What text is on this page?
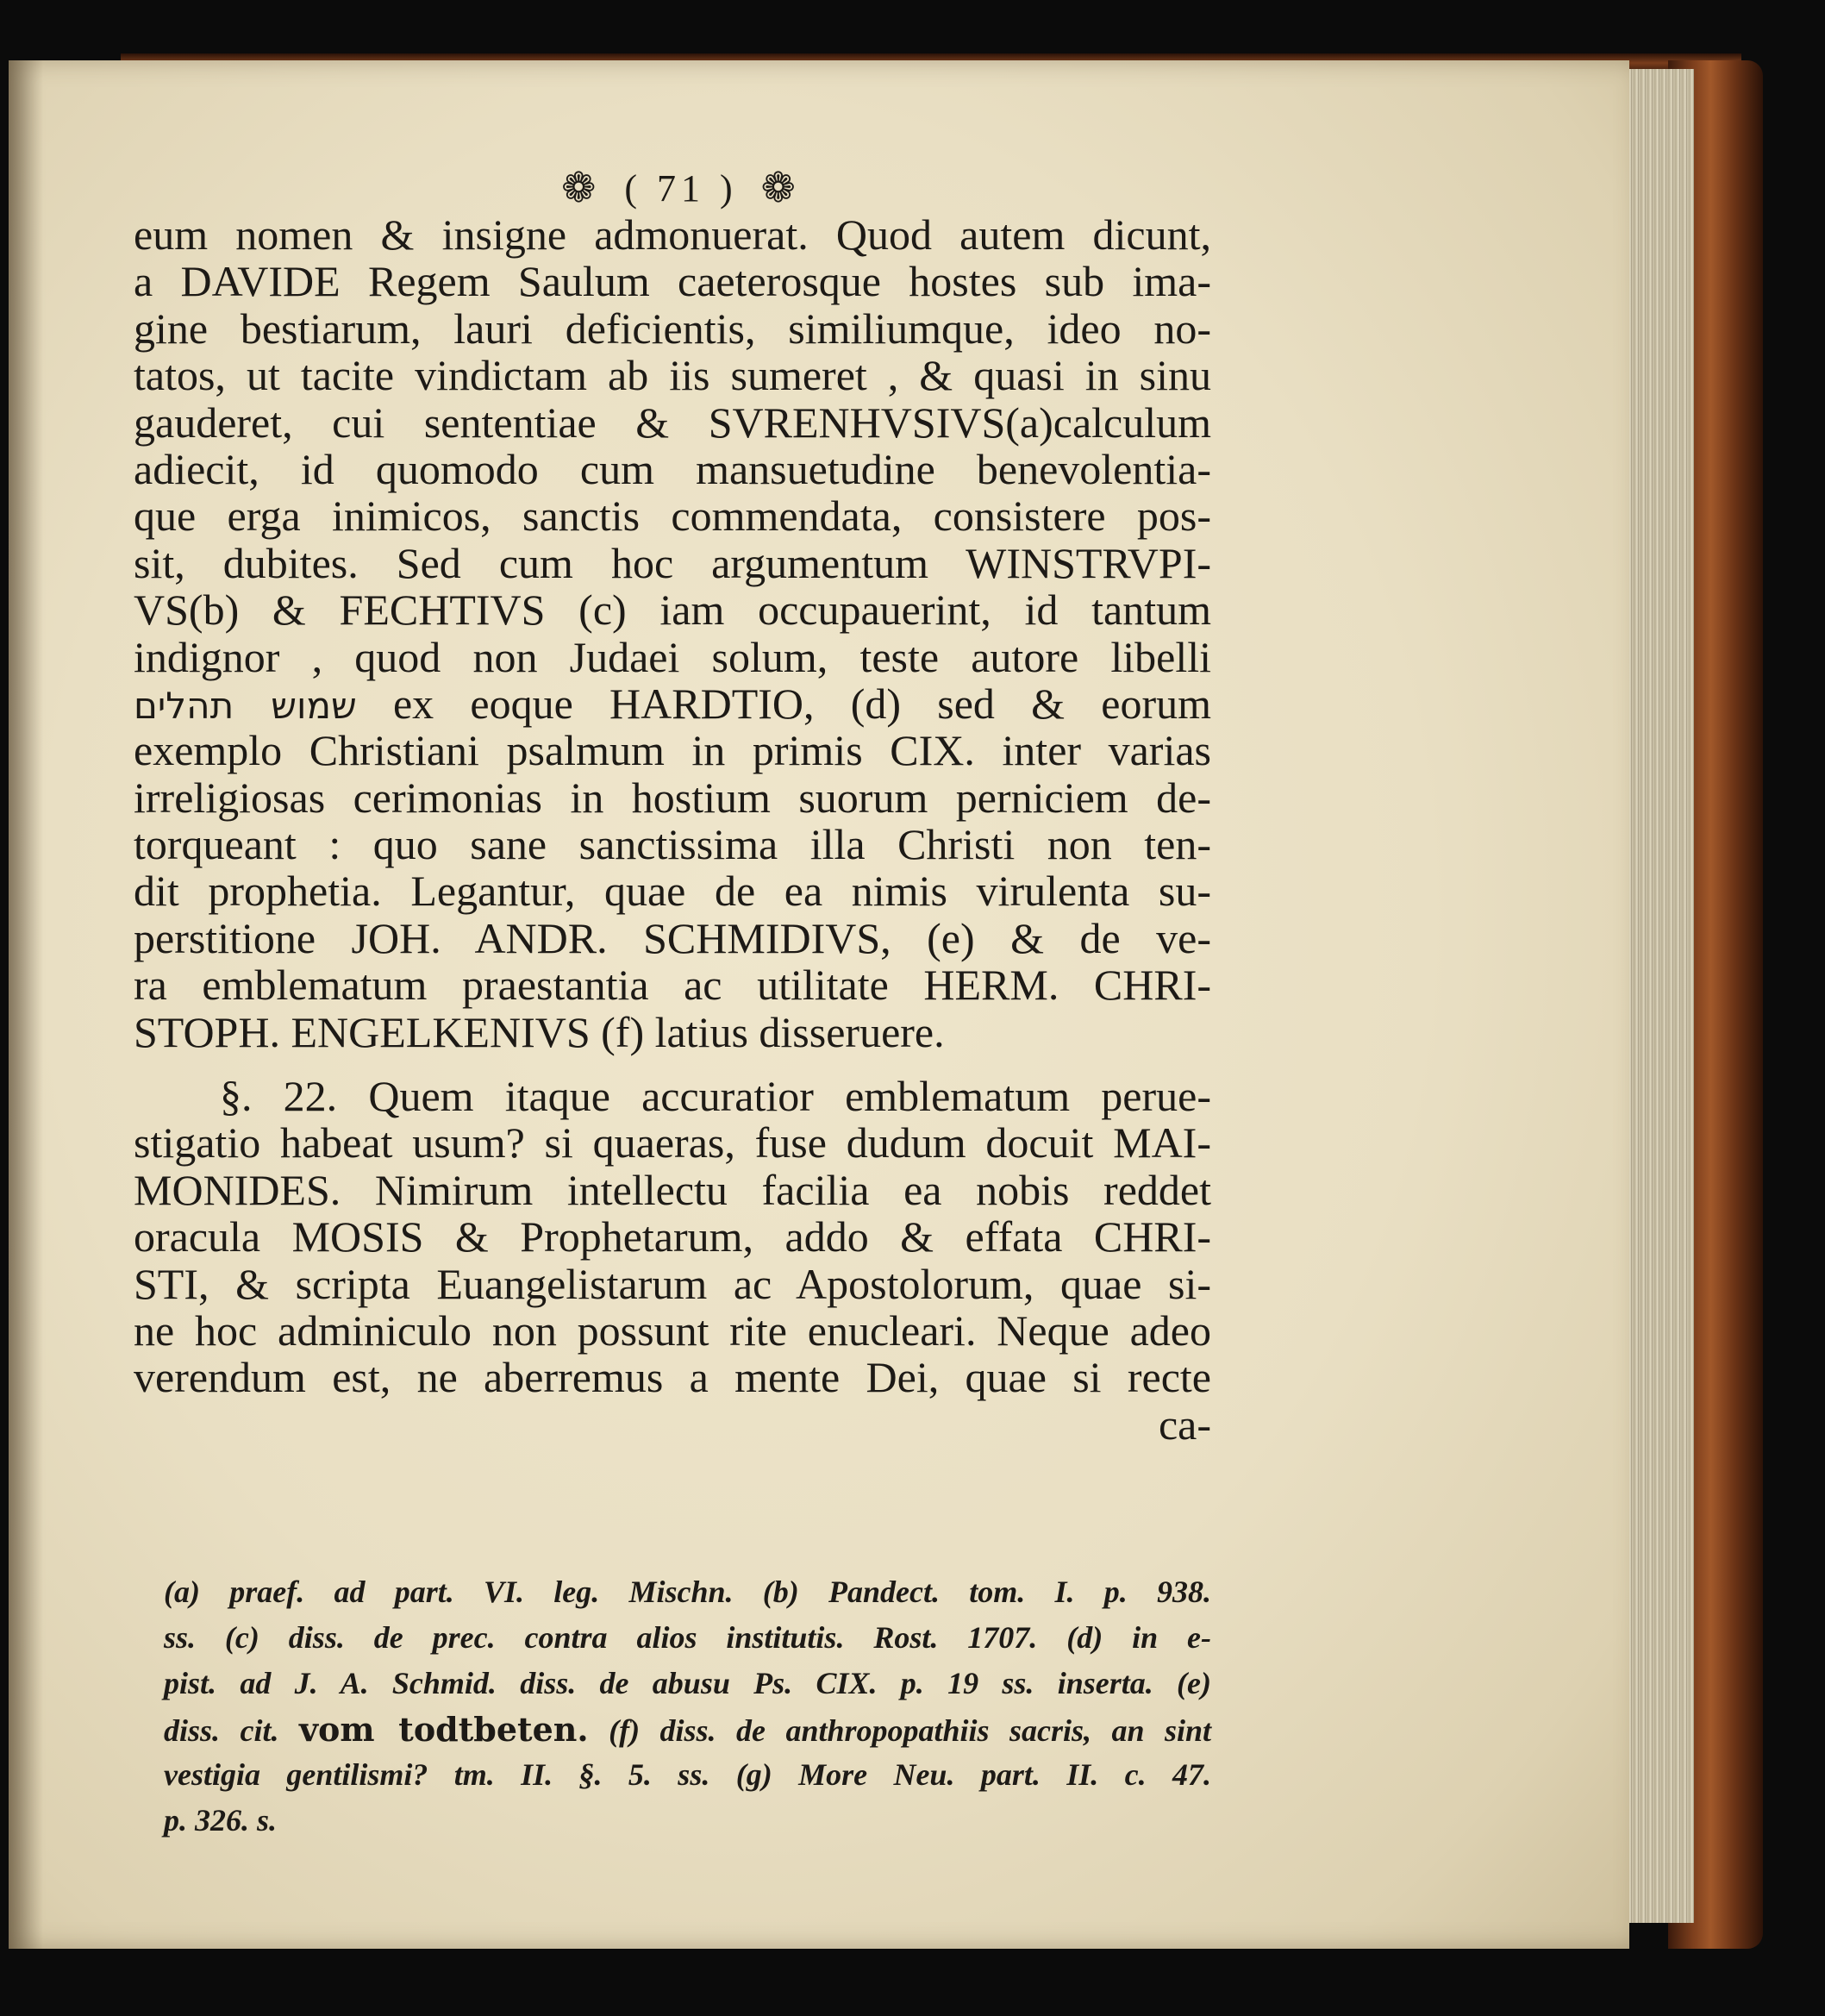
❁ ( 71 ) ❁
eum nomen & insigne admonuerat. Quod autem dicunt,
a DAVIDE Regem Saulum caeterosque hostes sub ima-
gine bestiarum, lauri deficientis, similiumque, ideo no-
tatos, ut tacite vindictam ab iis sumeret , & quasi in sinu
gauderet, cui sententiae & SVRENHVSIVS(a)calculum
adiecit, id quomodo cum mansuetudine benevolentia-
que erga inimicos, sanctis commendata, consistere pos-
sit, dubites. Sed cum hoc argumentum WINSTRVPI-
VS(b) & FECHTIVS (c) iam occupauerint, id tantum
indignor , quod non Judaei solum, teste autore libelli
שמוש תהלים ex eoque HARDTIO, (d) sed & eorum
exemplo Christiani psalmum in primis CIX. inter varias
irreligiosas cerimonias in hostium suorum perniciem de-
torqueant : quo sane sanctissima illa Christi non ten-
dit prophetia. Legantur, quae de ea nimis virulenta su-
perstitione JOH. ANDR. SCHMIDIVS, (e) & de ve-
ra emblematum praestantia ac utilitate HERM. CHRI-
STOPH. ENGELKENIVS (f) latius disseruere.
§. 22. Quem itaque accuratior emblematum perue-
stigatio habeat usum? si quaeras, fuse dudum docuit MAI-
MONIDES. Nimirum intellectu facilia ea nobis reddet
oracula MOSIS & Prophetarum, addo & effata CHRI-
STI, & scripta Euangelistarum ac Apostolorum, quae si-
ne hoc adminiculo non possunt rite enucleari. Neque adeo
verendum est, ne aberremus a mente Dei, quae si recte
ca-
(a) praef. ad part. VI. leg. Mischn. (b) Pandect. tom. I. p. 938.
ss. (c) diss. de prec. contra alios institutis. Rost. 1707. (d) in e-
pist. ad J. A. Schmid. diss. de abusu Ps. CIX. p. 19 ss. inserta. (e)
diss. cit. vom todtbeten. (f) diss. de anthropopathiis sacris, an sint
vestigia gentilismi? tm. II. §. 5. ss. (g) More Neu. part. II. c. 47.
p. 326. s.
